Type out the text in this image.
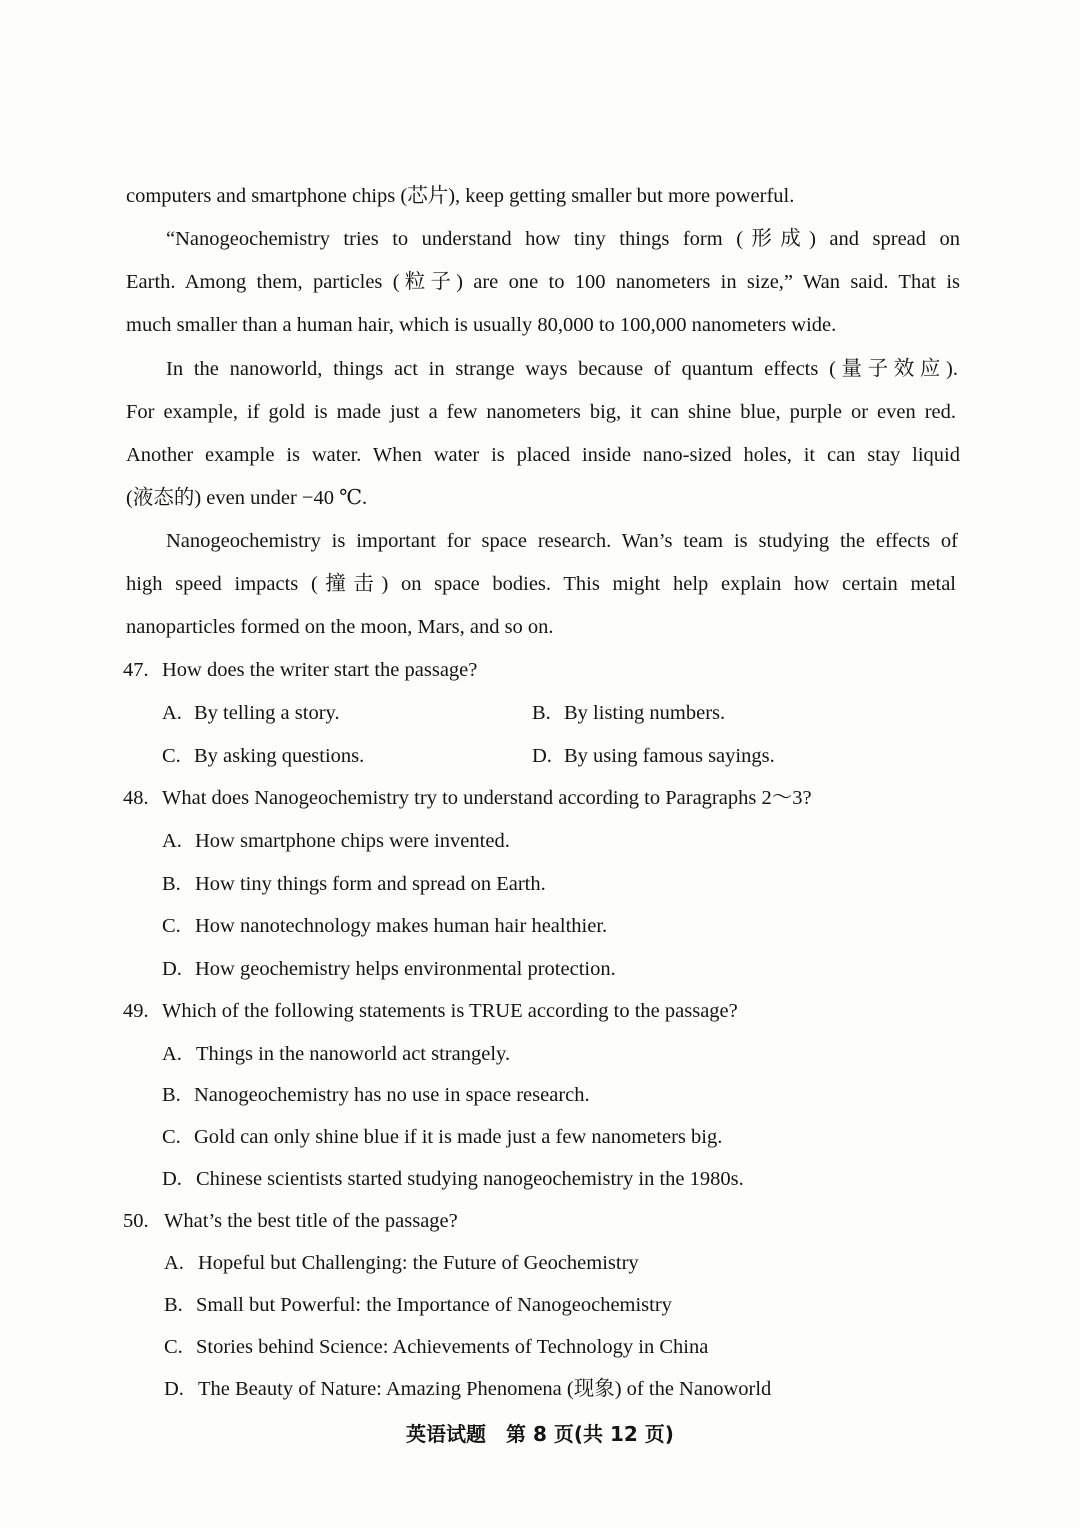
computers and smartphone chips (芯片), keep getting smaller but more powerful.
“Nanogeochemistry tries to understand how tiny things form (形成) and spread on
Earth. Among them, particles (粒子) are one to 100 nanometers in size,” Wan said. That is
much smaller than a human hair, which is usually 80,000 to 100,000 nanometers wide.
In the nanoworld, things act in strange ways because of quantum effects (量子效应).
For example, if gold is made just a few nanometers big, it can shine blue, purple or even red.
Another example is water. When water is placed inside nano-sized holes, it can stay liquid
(液态的) even under −40 ℃.
Nanogeochemistry is important for space research. Wan’s team is studying the effects of
high speed impacts (撞击) on space bodies. This might help explain how certain metal
nanoparticles formed on the moon, Mars, and so on.
47. How does the writer start the passage?
A. By telling a story.	B. By listing numbers.
C. By asking questions.	D. By using famous sayings.
48. What does Nanogeochemistry try to understand according to Paragraphs 2～3?
A. How smartphone chips were invented.
B. How tiny things form and spread on Earth.
C. How nanotechnology makes human hair healthier.
D. How geochemistry helps environmental protection.
49. Which of the following statements is TRUE according to the passage?
A. Things in the nanoworld act strangely.
B. Nanogeochemistry has no use in space research.
C. Gold can only shine blue if it is made just a few nanometers big.
D. Chinese scientists started studying nanogeochemistry in the 1980s.
50. What’s the best title of the passage?
A. Hopeful but Challenging: the Future of Geochemistry
B. Small but Powerful: the Importance of Nanogeochemistry
C. Stories behind Science: Achievements of Technology in China
D. The Beauty of Nature: Amazing Phenomena (现象) of the Nanoworld
英语试题　第 8 页(共 12 页)
